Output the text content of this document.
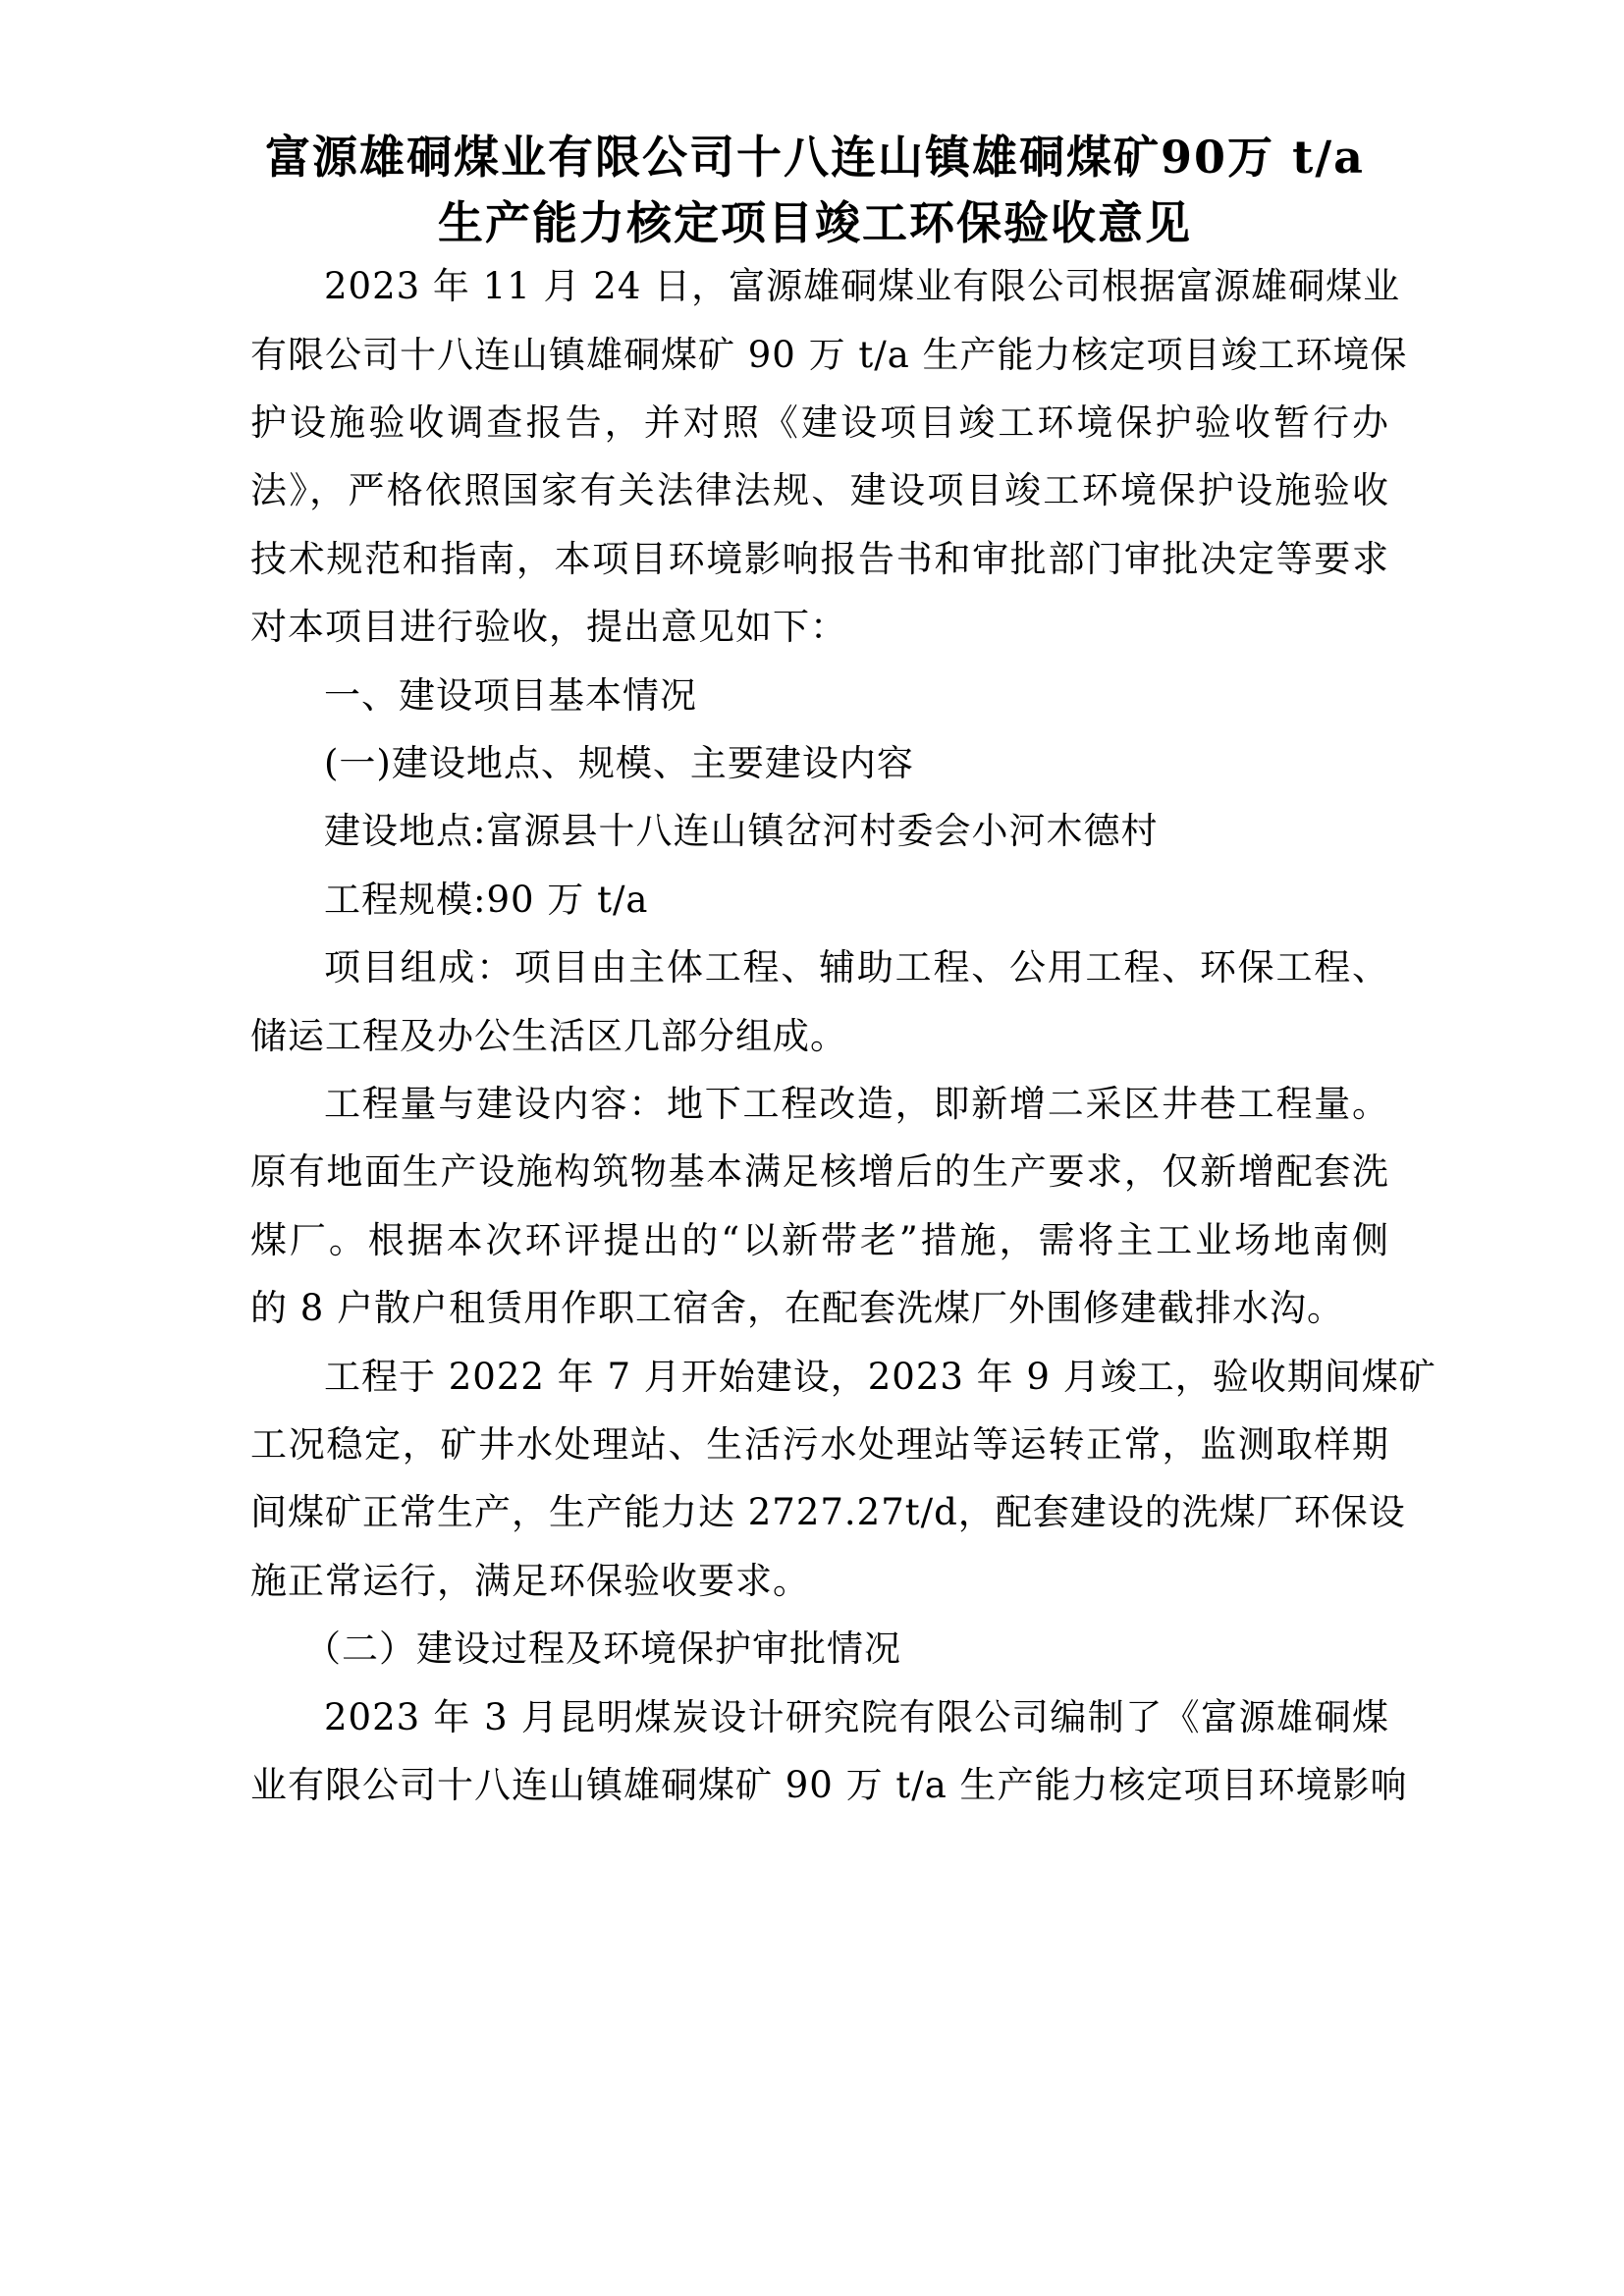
富源雄硐煤业有限公司十八连山镇雄硐煤矿90万 t/a
生产能力核定项目竣工环保验收意见
2023 年 11 月 24 日，富源雄硐煤业有限公司根据富源雄硐煤业
有限公司十八连山镇雄硐煤矿 90 万 t/a 生产能力核定项目竣工环境保
护设施验收调查报告，并对照《建设项目竣工环境保护验收暂行办
法》，严格依照国家有关法律法规、建设项目竣工环境保护设施验收
技术规范和指南，本项目环境影响报告书和审批部门审批决定等要求
对本项目进行验收，提出意见如下：
一、建设项目基本情况
(一)建设地点、规模、主要建设内容
建设地点:富源县十八连山镇岔河村委会小河木德村
工程规模:90 万 t/a
项目组成：项目由主体工程、辅助工程、公用工程、环保工程、
储运工程及办公生活区几部分组成。
工程量与建设内容：地下工程改造，即新增二采区井巷工程量。
原有地面生产设施构筑物基本满足核增后的生产要求，仅新增配套洗
煤厂。根据本次环评提出的“以新带老”措施，需将主工业场地南侧
的 8 户散户租赁用作职工宿舍，在配套洗煤厂外围修建截排水沟。
工程于 2022 年 7 月开始建设，2023 年 9 月竣工，验收期间煤矿
工况稳定，矿井水处理站、生活污水处理站等运转正常，监测取样期
间煤矿正常生产，生产能力达 2727.27t/d，配套建设的洗煤厂环保设
施正常运行，满足环保验收要求。
（二）建设过程及环境保护审批情况
2023 年 3 月昆明煤炭设计研究院有限公司编制了《富源雄硐煤
业有限公司十八连山镇雄硐煤矿 90 万 t/a 生产能力核定项目环境影响
